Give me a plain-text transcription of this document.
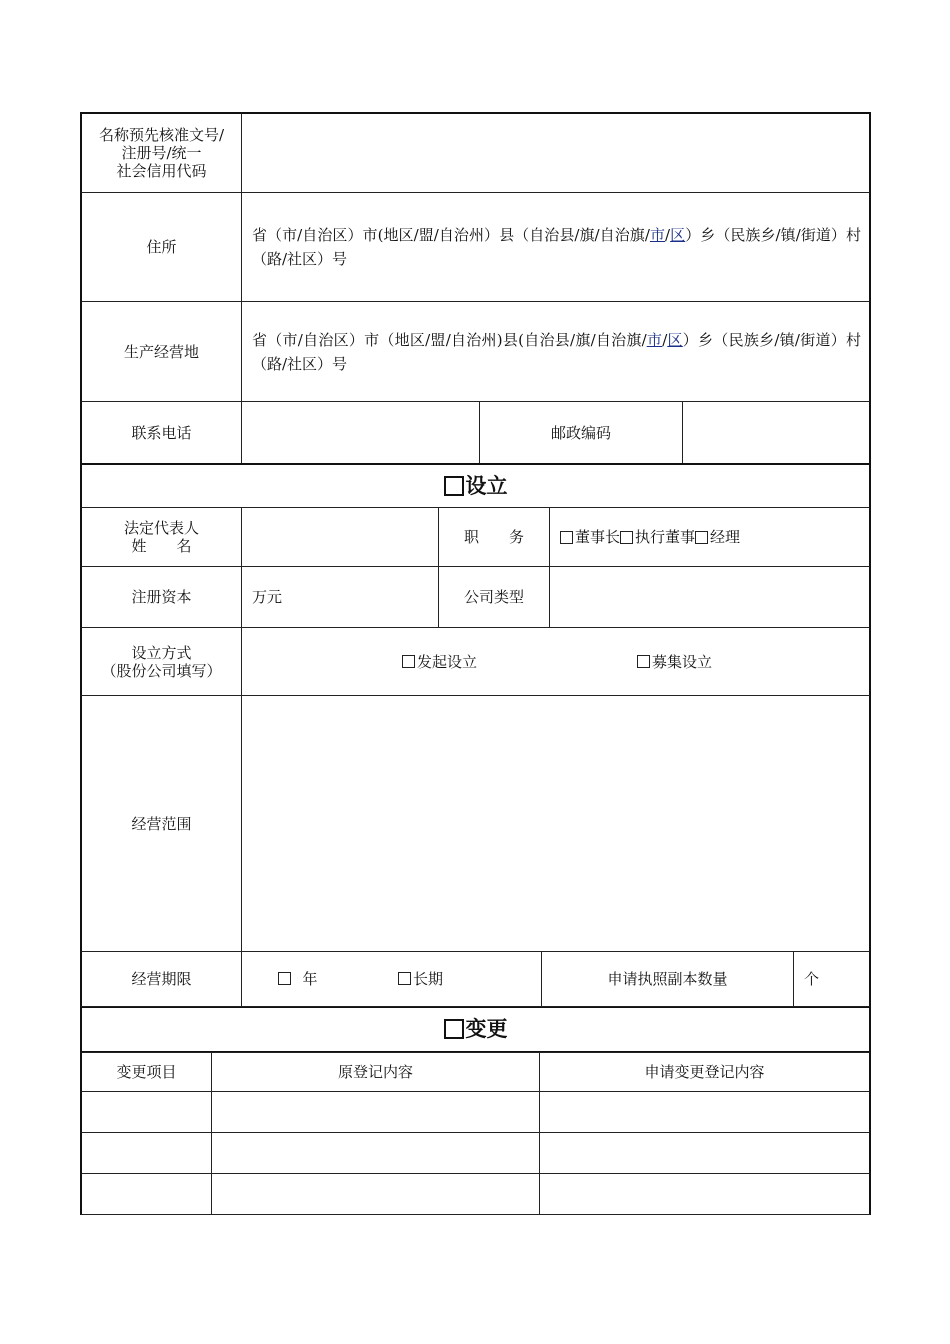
名称预先核准文号/
注册号/统一
社会信用代码
住所
省（市/自治区）市(地区/盟/自治州）县（自治县/旗/自治旗/市/区）乡（民族乡/镇/街道）村（路/社区）号
生产经营地
省（市/自治区）市（地区/盟/自治州)县(自治县/旗/自治旗/市/区）乡（民族乡/镇/街道）村（路/社区）号
联系电话	邮政编码
设立
法定代表人
姓　　名	职　　务	董事长 执行董事 经理
注册资本	万元	公司类型
设立方式
（股份公司填写）	发起设立	募集设立
经营范围
经营期限	年	长期	申请执照副本数量	个
变更
变更项目	原登记内容	申请变更登记内容
